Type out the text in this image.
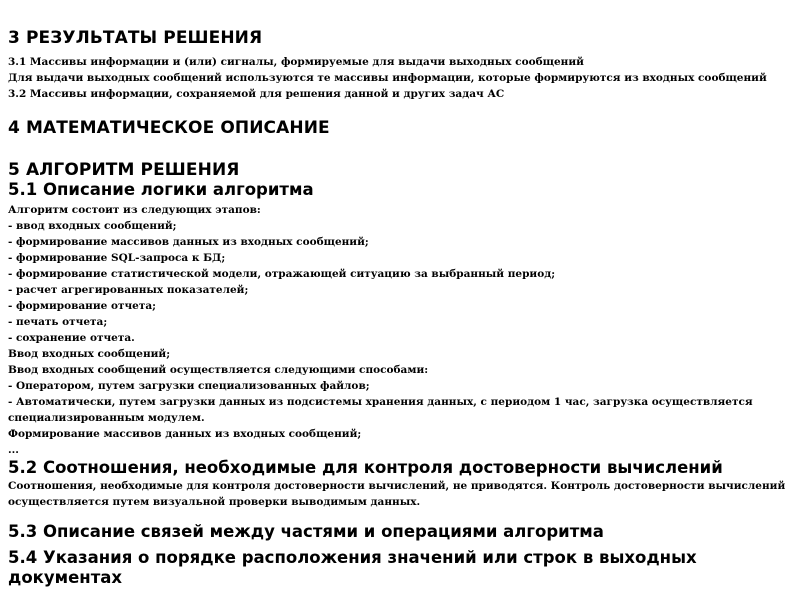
3 РЕЗУЛЬТАТЫ РЕШЕНИЯ

3.1 Массивы информации и (или) сигналы, формируемые для выдачи выходных сообщений

Для выдачи выходных сообщений используются те массивы информации, которые формируются из входных сообщений

3.2 Массивы информации, сохраняемой для решения данной и других задач АС

4 МАТЕМАТИЧЕСКОЕ ОПИСАНИЕ

5 АЛГОРИТМ РЕШЕНИЯ

5.1 Описание логики алгоритма

Алгоритм состоит из следующих этапов:

- ввод входных сообщений;

- формирование массивов данных из входных сообщений;

- формирование SQL-запроса к БД;

- формирование статистической модели, отражающей ситуацию за выбранный период;

- расчет агрегированных показателей;

- формирование отчета;

- печать отчета;

- сохранение отчета.

Ввод входных сообщений;

Ввод входных сообщений осуществляется следующими способами:

- Оператором, путем загрузки специализованных файлов;

- Автоматически, путем загрузки данных из подсистемы хранения данных, с периодом 1 час, загрузка осуществляется специализированным модулем.

Формирование массивов данных из входных сообщений;

...

5.2 Соотношения, необходимые для контроля достоверности вычислений

Соотношения, необходимые для контроля достоверности вычислений, не приводятся. Контроль достоверности вычислений осуществляется путем визуальной проверки выводимым данных.

5.3 Описание связей между частями и операциями алгоритма

5.4 Указания о порядке расположения значений или строк в выходных документах
